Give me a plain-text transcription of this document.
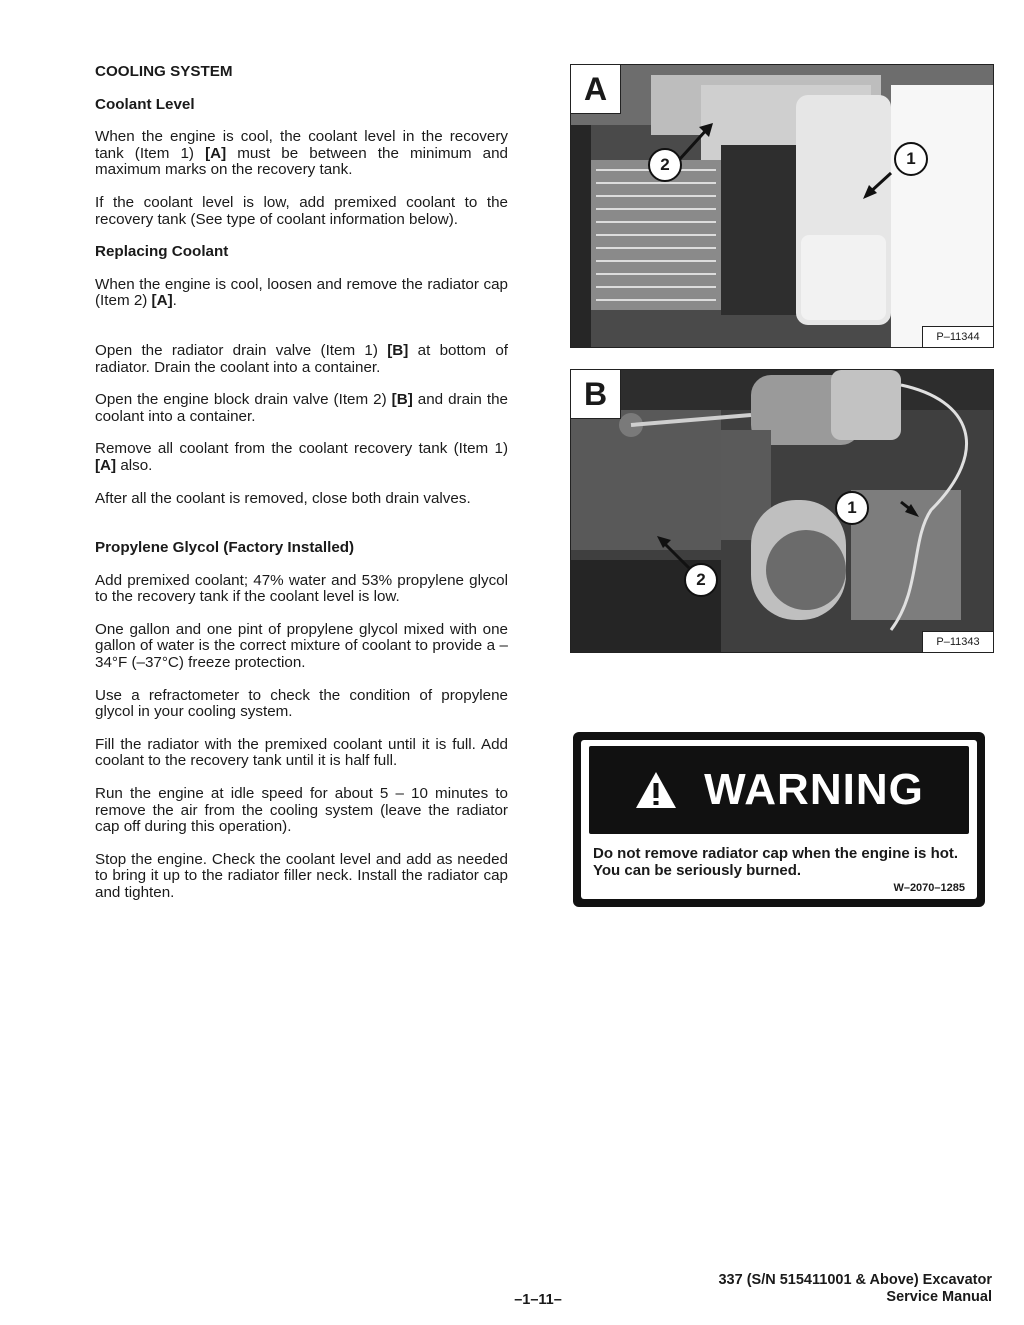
COOLING SYSTEM
Coolant Level

When the engine is cool, the coolant level in the recovery tank (Item 1) [A] must be between the minimum and maximum marks on the recovery tank.

If the coolant level is low, add premixed coolant to the recovery tank (See type of coolant information below).

Replacing Coolant

When the engine is cool, loosen and remove the radiator cap (Item 2) [A].

Open the radiator drain valve (Item 1) [B] at bottom of radiator. Drain the coolant into a container.

Open the engine block drain valve (Item 2) [B] and drain the coolant into a container.

Remove all coolant from the coolant recovery tank (Item 1) [A] also.

After all the coolant is removed, close both drain valves.

Propylene Glycol (Factory Installed)

Add premixed coolant; 47% water and 53% propylene glycol to the recovery tank if the coolant level is low.

One gallon and one pint of propylene glycol mixed with one gallon of water is the correct mixture of coolant to provide a –34°F (–37°C) freeze protection.

Use a refractometer to check the condition of propylene glycol in your cooling system.

Fill the radiator with the premixed coolant until it is full. Add coolant to the recovery tank until it is half full.

Run the engine at idle speed for about 5 – 10 minutes to remove the air from the cooling system (leave the radiator cap off during this operation).

Stop the engine. Check the coolant level and add as needed to bring it up to the radiator filler neck. Install the radiator cap and tighten.

A
2	1
P–11344
B
1
2
P–11343
WARNING
Do not remove radiator cap when the engine is hot. You can be seriously burned.
W–2070–1285
–1–11–
337 (S/N 515411001 & Above) Excavator
Service Manual
